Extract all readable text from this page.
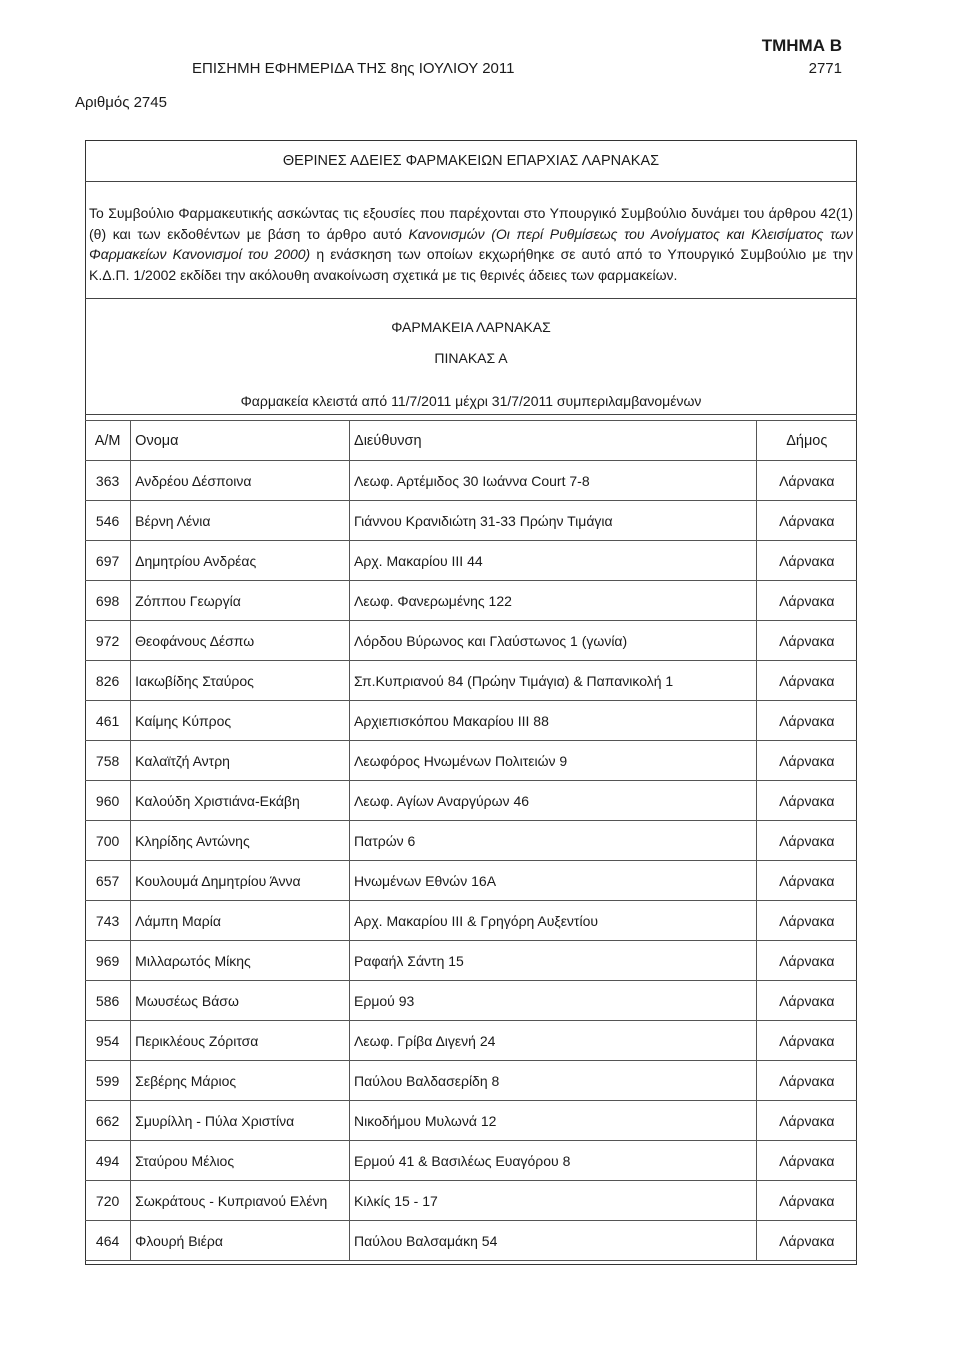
ΤΜΗΜΑ Β
ΕΠΙΣΗΜΗ ΕΦΗΜΕΡΙΔΑ ΤΗΣ 8ης ΙΟΥΛΙΟΥ 2011	2771
Αριθμός 2745
ΘΕΡΙΝΕΣ ΑΔΕΙΕΣ ΦΑΡΜΑΚΕΙΩΝ ΕΠΑΡΧΙΑΣ ΛΑΡΝΑΚΑΣ
Το Συμβούλιο Φαρμακευτικής ασκώντας τις εξουσίες που παρέχονται στο Υπουργικό Συμβούλιο δυνάμει του άρθρου 42(1)(θ) και των εκδοθέντων με βάση το άρθρο αυτό Κανονισμών (Οι περί Ρυθμίσεως του Ανοίγματος και Κλεισίματος των Φαρμακείων Κανονισμοί του 2000) η ενάσκηση των οποίων εκχωρήθηκε σε αυτό από το Υπουργικό Συμβούλιο με την Κ.Δ.Π. 1/2002 εκδίδει την ακόλουθη ανακοίνωση σχετικά με τις θερινές άδειες των φαρμακείων.
ΦΑΡΜΑΚΕΙΑ ΛΑΡΝΑΚΑΣ
ΠΙΝΑΚΑΣ Α
Φαρμακεία κλειστά από 11/7/2011 μέχρι 31/7/2011 συμπεριλαμβανομένων
Α/Μ	Ονομα	Διεύθυνση	Δήμος
363	Ανδρέου Δέσποινα	Λεωφ. Αρτέμιδος 30 Ιωάννα Court 7-8	Λάρνακα
546	Βέρνη Λένια	Γιάννου Κρανιδιώτη 31-33 Πρώην Τιμάγια	Λάρνακα
697	Δημητρίου Ανδρέας	Αρχ. Μακαρίου III 44	Λάρνακα
698	Ζόππου Γεωργία	Λεωφ. Φανερωμένης 122	Λάρνακα
972	Θεοφάνους Δέσπω	Λόρδου Βύρωνος και Γλαύστωνος 1 (γωνία)	Λάρνακα
826	Ιακωβίδης Σταύρος	Σπ.Κυπριανού 84 (Πρώην Τιμάγια) & Παπανικολή 1	Λάρνακα
461	Καίμης Κύπρος	Αρχιεπισκόπου Μακαρίου III 88	Λάρνακα
758	Καλαϊτζή Αντρη	Λεωφόρος Ηνωμένων Πολιτειών 9	Λάρνακα
960	Καλούδη Χριστιάνα-Εκάβη	Λεωφ. Αγίων Αναργύρων 46	Λάρνακα
700	Κληρίδης Αντώνης	Πατρών 6	Λάρνακα
657	Κουλουμά Δημητρίου Άννα	Ηνωμένων Εθνών 16Α	Λάρνακα
743	Λάμπη Μαρία	Αρχ. Μακαρίου III & Γρηγόρη Αυξεντίου	Λάρνακα
969	Μιλλαρωτός Μίκης	Ραφαήλ Σάντη 15	Λάρνακα
586	Μωυσέως Βάσω	Ερμού 93	Λάρνακα
954	Περικλέους Ζόριτσα	Λεωφ. Γρίβα Διγενή 24	Λάρνακα
599	Σεβέρης Μάριος	Παύλου Βαλδασερίδη 8	Λάρνακα
662	Σμυρίλλη - Πύλα Χριστίνα	Νικοδήμου Μυλωνά 12	Λάρνακα
494	Σταύρου Μέλιος	Ερμού 41 & Βασιλέως Ευαγόρου 8	Λάρνακα
720	Σωκράτους - Κυπριανού Ελένη	Κιλκίς 15 - 17	Λάρνακα
464	Φλουρή Βιέρα	Παύλου Βαλσαμάκη 54	Λάρνακα
